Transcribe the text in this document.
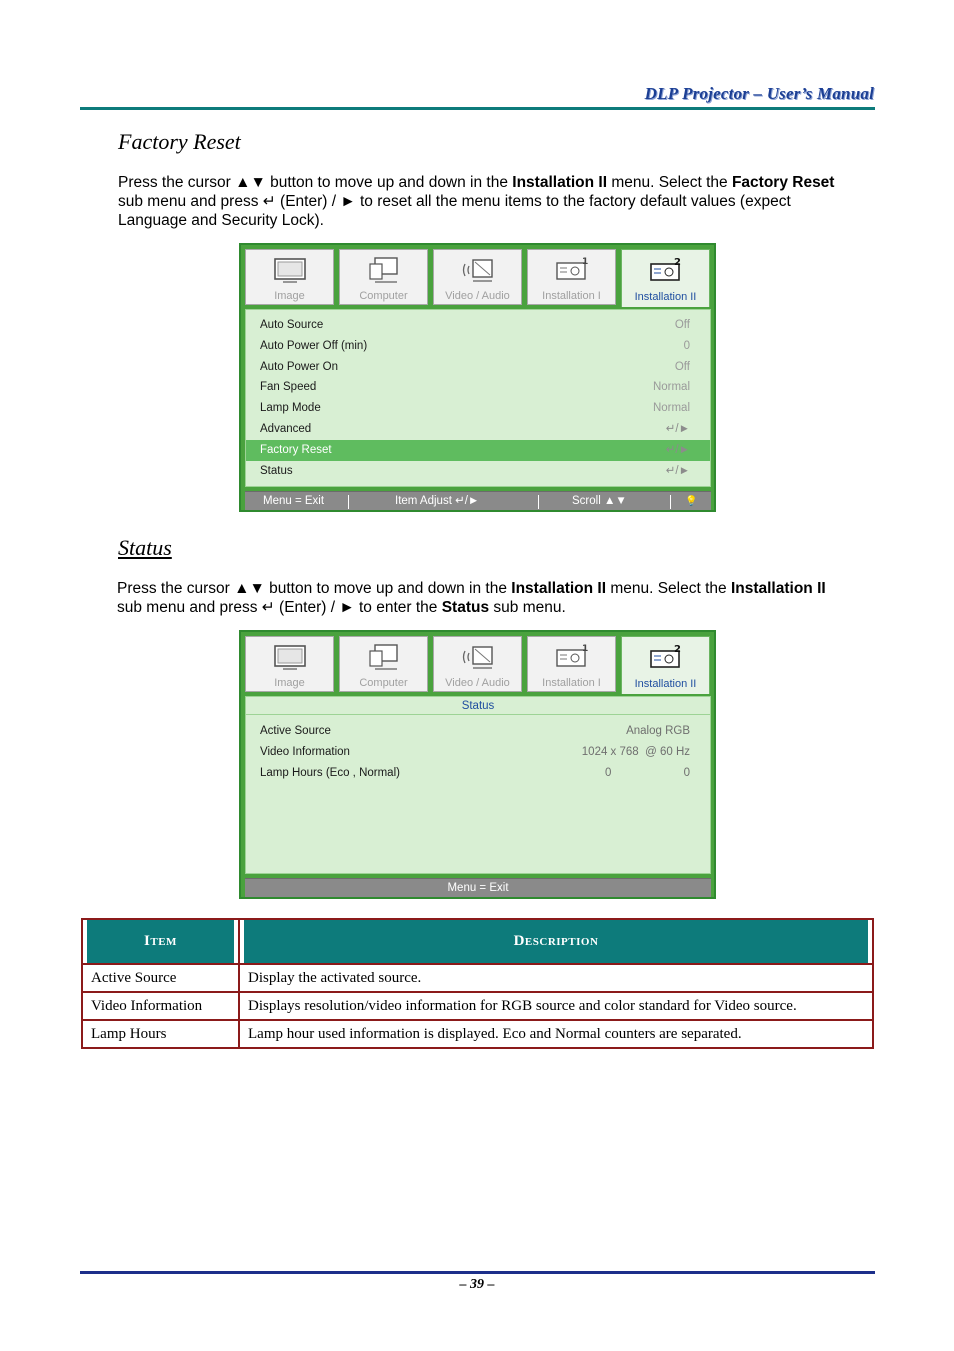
DLP Projector – User’s Manual
Factory Reset
Press the cursor ▲▼ button to move up and down in the Installation II menu. Select the Factory Reset sub menu and press ↵ (Enter) / ► to reset all the menu items to the factory default values (expect Language and Security Lock).
Image	Computer	Video / Audio
1
Installation I
2
Installation II
Auto Source	Off
Auto Power Off (min)	0
Auto Power On	Off
Fan Speed	Normal
Lamp Mode	Normal
Advanced	↵/►
Factory Reset	↵/►
Status	↵/►
Menu = Exit	Item Adjust ↵/►	Scroll ▲▼	💡
Status
Press the cursor ▲▼ button to move up and down in the Installation II menu. Select the Installation II sub menu and press ↵ (Enter) / ► to enter the Status sub menu.
Image	Computer	Video / Audio
1
Installation I
2
Installation II
Status
Active Source	Analog RGB
Video Information	1024 x 768  @ 60 Hz
Lamp Hours (Eco , Normal)	0	0
Menu = Exit
Item	Description
Active Source	Display the activated source.
Video Information	Displays resolution/video information for RGB source and color standard for Video source.
Lamp Hours	Lamp hour used information is displayed. Eco and Normal counters are separated.
– 39 –
